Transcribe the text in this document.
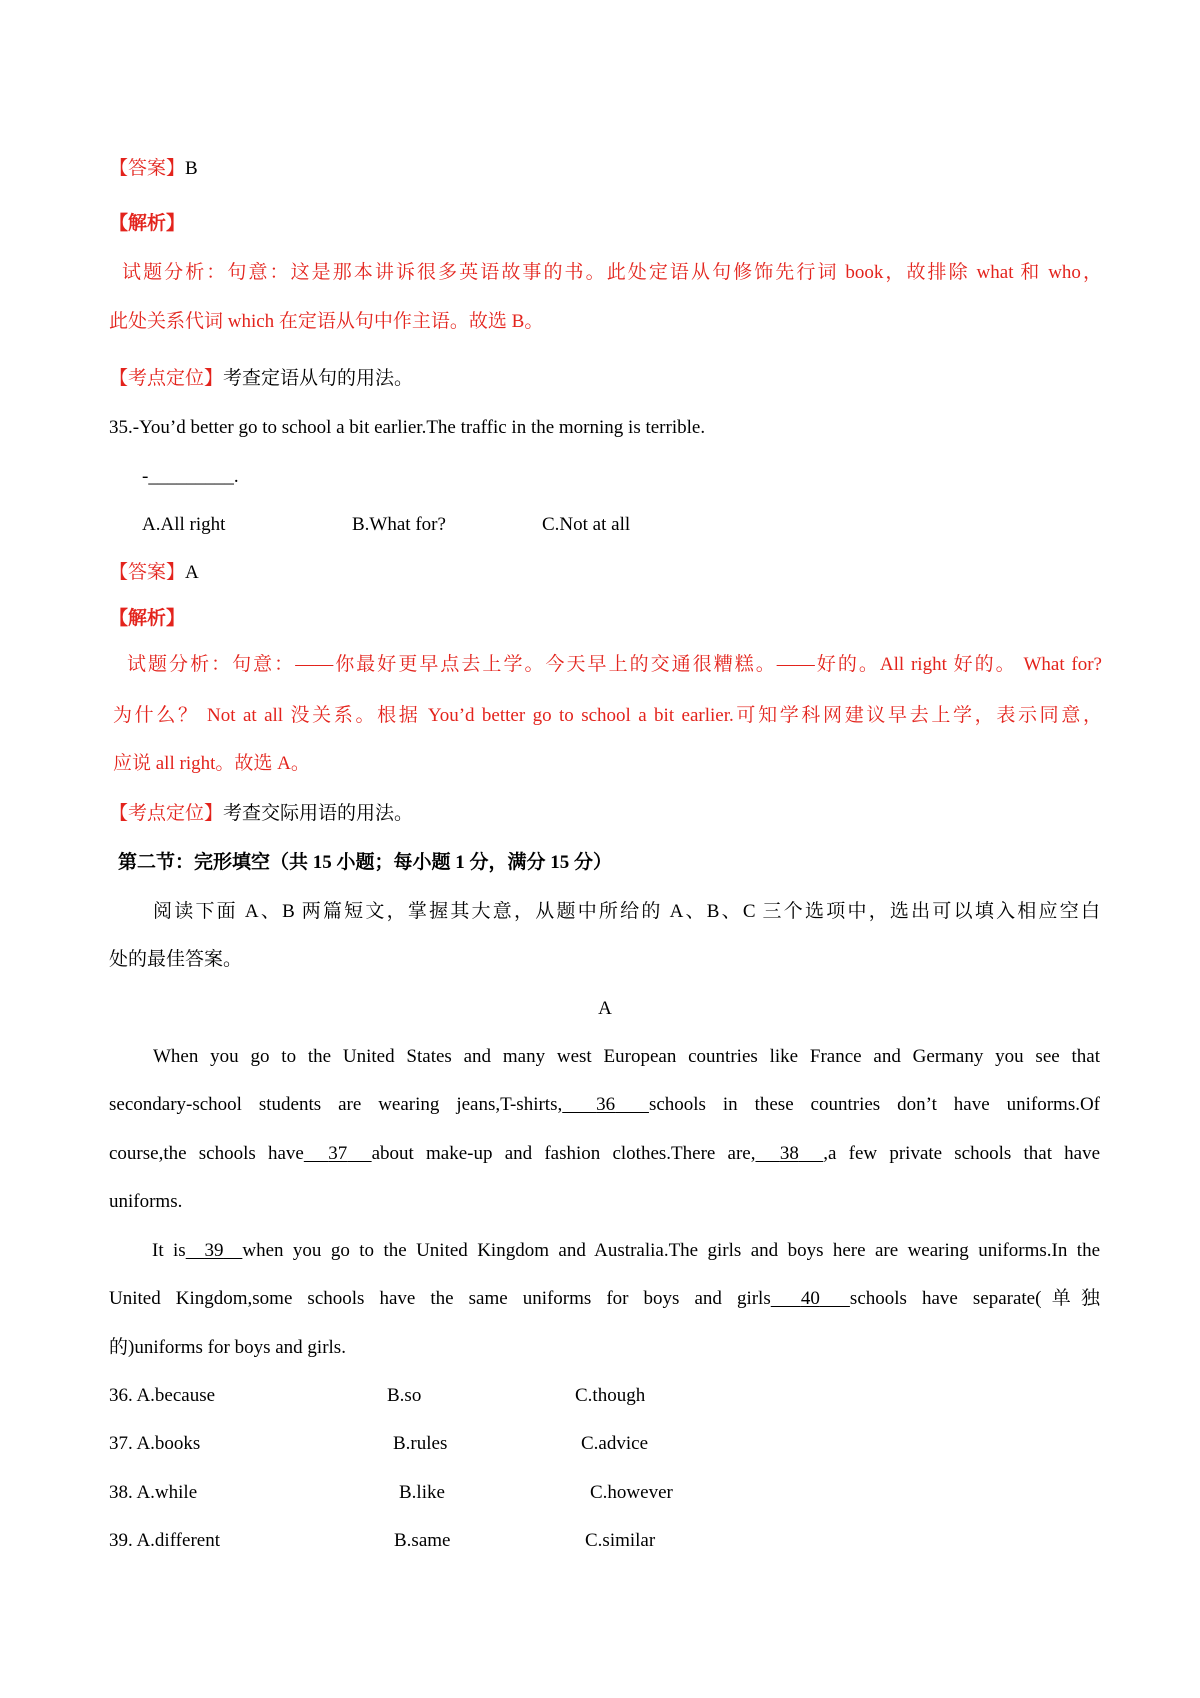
【答案】B
【解析】
试题分析：句意：这是那本讲诉很多英语故事的书。此处定语从句修饰先行词 book，故排除 what 和 who，
此处关系代词 which 在定语从句中作主语。故选 B。
【考点定位】考查定语从句的用法。
35.-You’d better go to school a bit earlier.The traffic in the morning is terrible.
-_________.
A.All right	B.What for?	C.Not at all
【答案】A
【解析】
试题分析：句意：——你最好更早点去上学。今天早上的交通很糟糕。——好的。All right 好的。 What for?
为什么？ Not at all 没关系。根据 You’d better go to school a bit earlier.可知学科网建议早去上学，表示同意，
应说 all right。故选 A。
【考点定位】考查交际用语的用法。
第二节：完形填空（共 15 小题；每小题 1 分，满分 15 分）
阅读下面 A、B 两篇短文，掌握其大意，从题中所给的 A、B、C 三个选项中，选出可以填入相应空白
处的最佳答案。
A
When you go to the United States and many west European countries like France and Germany you see that
secondary-school students are wearing jeans,T-shirts, 36 schools in these countries don’t have uniforms.Of
course,the schools have 37 about make-up and fashion clothes.There are, 38 ,a few private schools that have
uniforms.
It is 39 when you go to the United Kingdom and Australia.The girls and boys here are wearing uniforms.In the
United Kingdom,some schools have the same uniforms for boys and girls 40 schools have separate(单独
的)uniforms for boys and girls.
36. A.because	B.so	C.though
37. A.books	B.rules	C.advice
38. A.while	B.like	C.however
39. A.different	B.same	C.similar
